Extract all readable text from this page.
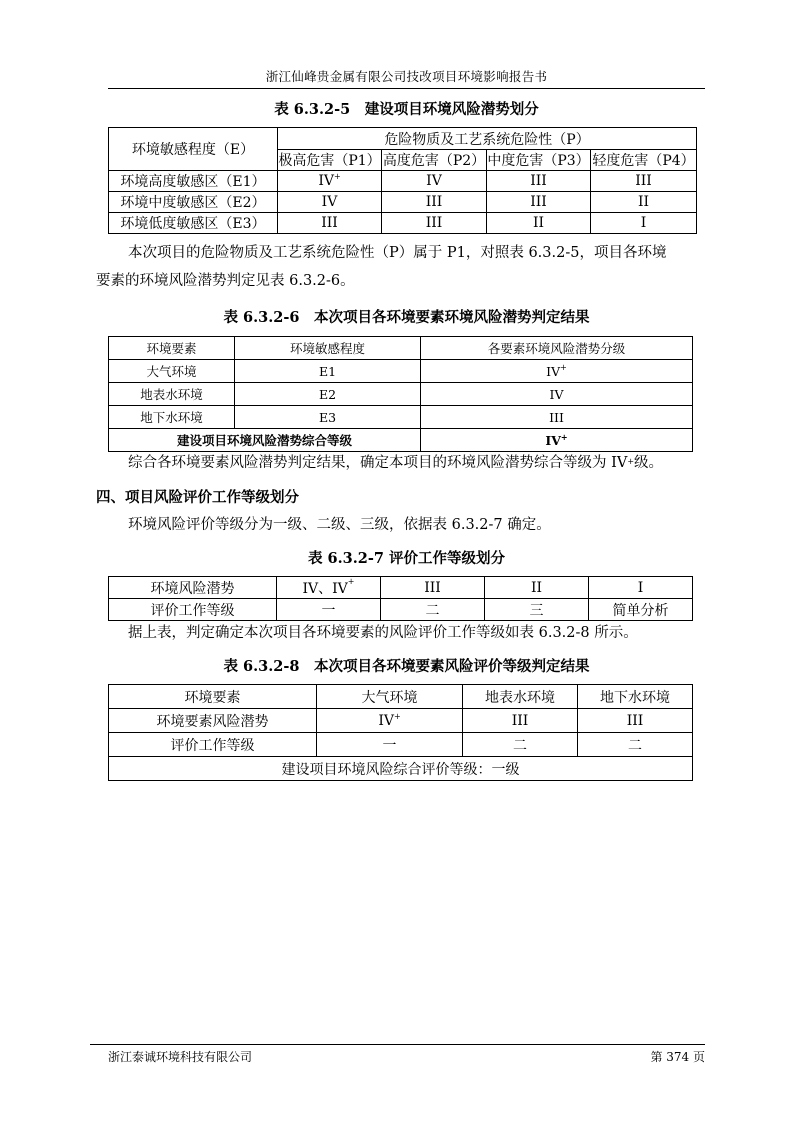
浙江仙峰贵金属有限公司技改项目环境影响报告书
表 6.3.2-5　建设项目环境风险潜势划分
环境敏感程度（E）	危险物质及工艺系统危险性（P）			
	极高危害（P1）	高度危害（P2）	中度危害（P3）	轻度危害（P4）
环境高度敏感区（E1）	IV+	IV	III	III
环境中度敏感区（E2）	IV	III	III	II
环境低度敏感区（E3）	III	III	II	I
本次项目的危险物质及工艺系统危险性（P）属于 P1，对照表 6.3.2-5，项目各环境
要素的环境风险潜势判定见表 6.3.2-6。
表 6.3.2-6　本次项目各环境要素环境风险潜势判定结果
环境要素	环境敏感程度	各要素环境风险潜势分级
大气环境	E1	IV+
地表水环境	E2	IV
地下水环境	E3	III
建设项目环境风险潜势综合等级		IV+
综合各环境要素风险潜势判定结果，确定本项目的环境风险潜势综合等级为 IV+级。
四、项目风险评价工作等级划分
环境风险评价等级分为一级、二级、三级，依据表 6.3.2-7 确定。
表 6.3.2-7 评价工作等级划分
环境风险潜势	IV、IV+	III	II	I
评价工作等级	一	二	三	简单分析
据上表，判定确定本次项目各环境要素的风险评价工作等级如表 6.3.2-8 所示。
表 6.3.2-8　本次项目各环境要素风险评价等级判定结果
环境要素	大气环境	地表水环境	地下水环境
环境要素风险潜势	IV+	III	III
评价工作等级	一	二	二
建设项目环境风险综合评价等级：一级			
浙江泰诚环境科技有限公司	第 374 页
